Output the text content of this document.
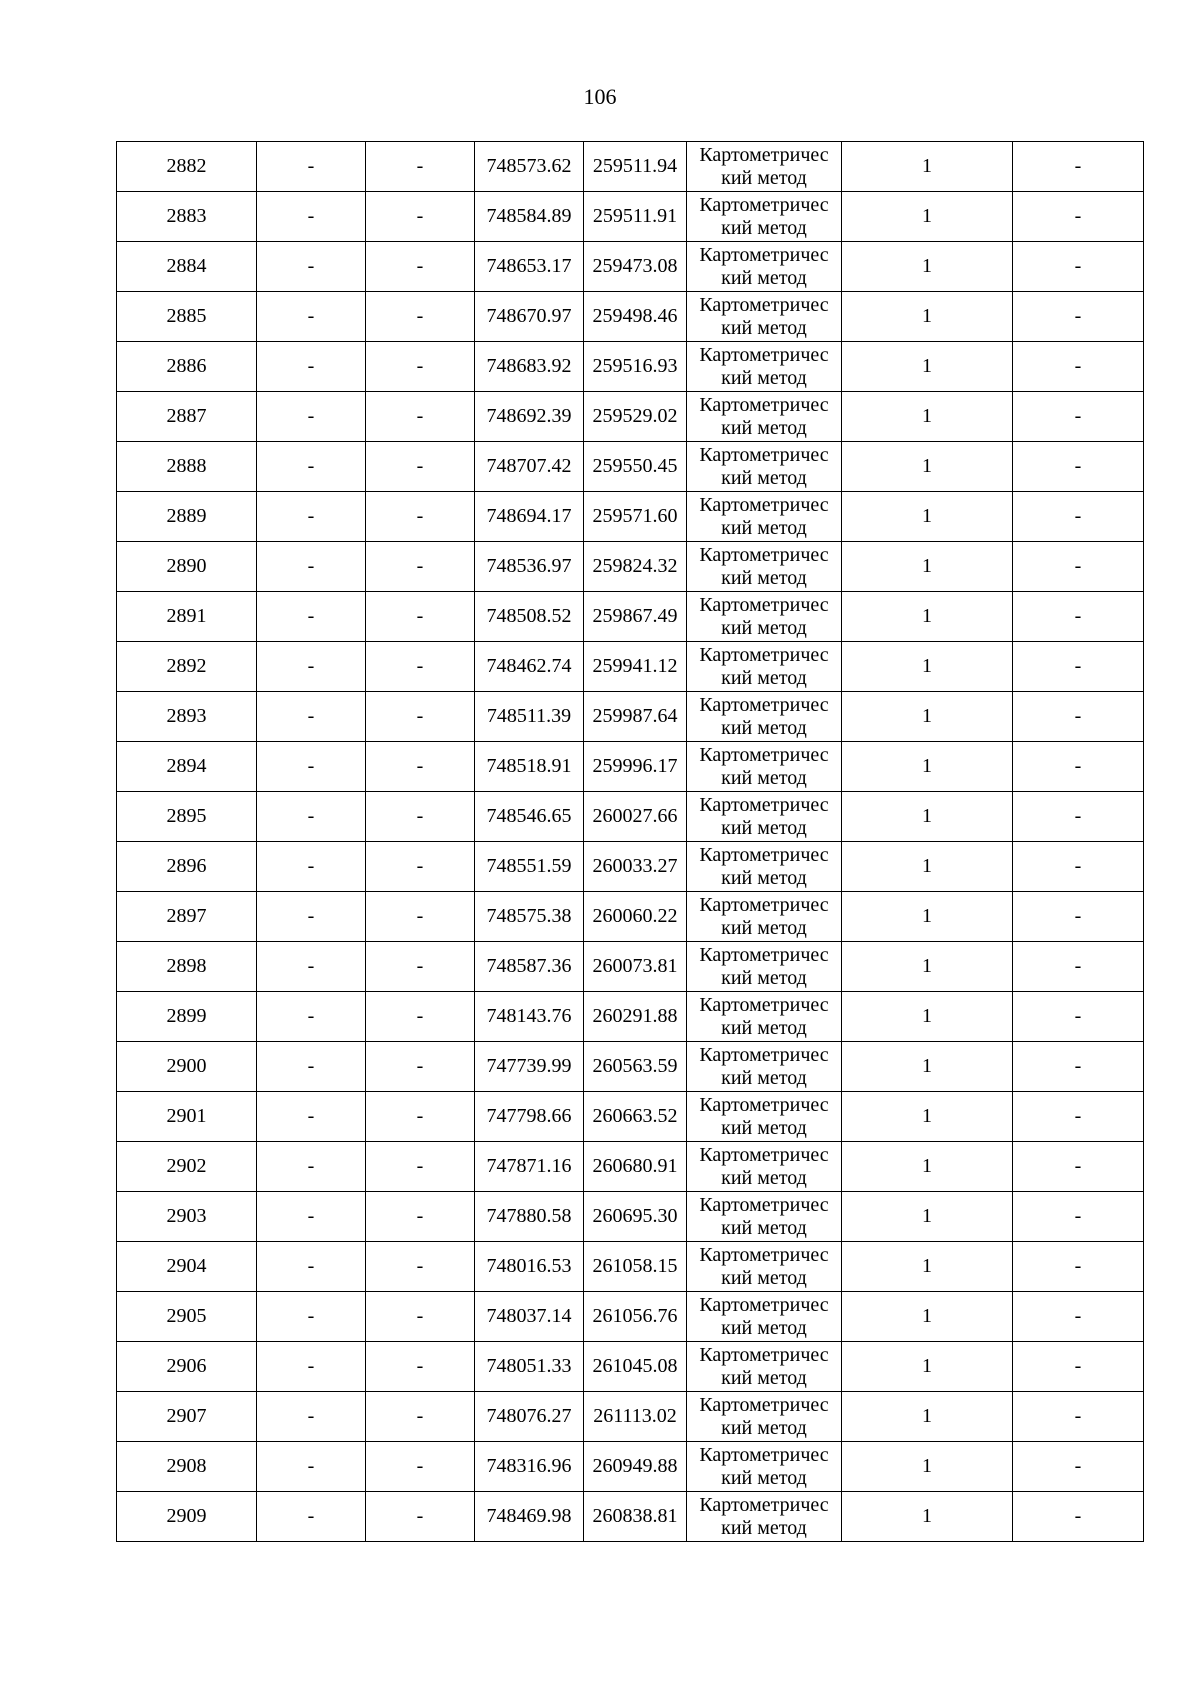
106
2882	-	-	748573.62	259511.94	Картометричес
кий метод	1	-
2883	-	-	748584.89	259511.91	Картометричес
кий метод	1	-
2884	-	-	748653.17	259473.08	Картометричес
кий метод	1	-
2885	-	-	748670.97	259498.46	Картометричес
кий метод	1	-
2886	-	-	748683.92	259516.93	Картометричес
кий метод	1	-
2887	-	-	748692.39	259529.02	Картометричес
кий метод	1	-
2888	-	-	748707.42	259550.45	Картометричес
кий метод	1	-
2889	-	-	748694.17	259571.60	Картометричес
кий метод	1	-
2890	-	-	748536.97	259824.32	Картометричес
кий метод	1	-
2891	-	-	748508.52	259867.49	Картометричес
кий метод	1	-
2892	-	-	748462.74	259941.12	Картометричес
кий метод	1	-
2893	-	-	748511.39	259987.64	Картометричес
кий метод	1	-
2894	-	-	748518.91	259996.17	Картометричес
кий метод	1	-
2895	-	-	748546.65	260027.66	Картометричес
кий метод	1	-
2896	-	-	748551.59	260033.27	Картометричес
кий метод	1	-
2897	-	-	748575.38	260060.22	Картометричес
кий метод	1	-
2898	-	-	748587.36	260073.81	Картометричес
кий метод	1	-
2899	-	-	748143.76	260291.88	Картометричес
кий метод	1	-
2900	-	-	747739.99	260563.59	Картометричес
кий метод	1	-
2901	-	-	747798.66	260663.52	Картометричес
кий метод	1	-
2902	-	-	747871.16	260680.91	Картометричес
кий метод	1	-
2903	-	-	747880.58	260695.30	Картометричес
кий метод	1	-
2904	-	-	748016.53	261058.15	Картометричес
кий метод	1	-
2905	-	-	748037.14	261056.76	Картометричес
кий метод	1	-
2906	-	-	748051.33	261045.08	Картометричес
кий метод	1	-
2907	-	-	748076.27	261113.02	Картометричес
кий метод	1	-
2908	-	-	748316.96	260949.88	Картометричес
кий метод	1	-
2909	-	-	748469.98	260838.81	Картометричес
кий метод	1	-
